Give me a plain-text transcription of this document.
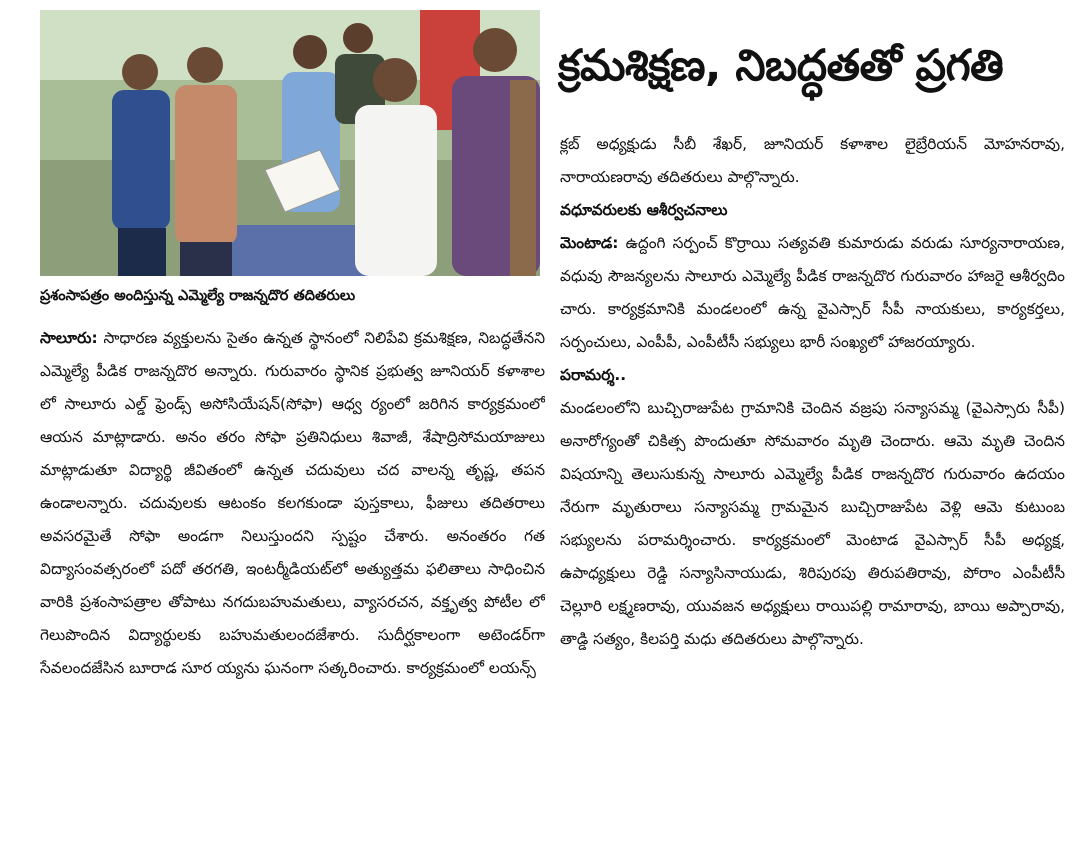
ప్రశంసాపత్రం అందిస్తున్న ఎమ్మెల్యే రాజన్నదొర తదితరులు
క్రమశిక్షణ, నిబద్ధతతో ప్రగతి

సాలూరు: సాధారణ వ్యక్తులను సైతం ఉన్నత స్థానంలో నిలిపేవి క్రమశిక్షణ, నిబద్ధతేనని ఎమ్మెల్యే పీడిక రాజన్నదొర అన్నారు. గురువారం స్థానిక ప్రభుత్వ జూనియర్ కళాశాల లో సాలూరు ఎల్డ్ ఫ్రెండ్స్ అసోసియేషన్(సోఫా) ఆధ్వ ర్యంలో జరిగిన కార్యక్రమంలో ఆయన మాట్లాడారు. అనం తరం సోఫా ప్రతినిధులు శివాజీ, శేషాద్రిసోమయాజులు మాట్లాడుతూ విద్యార్థి జీవితంలో ఉన్నత చదువులు చద వాలన్న తృష్ణ, తపన ఉండాలన్నారు. చదువులకు ఆటంకం కలగకుండా పుస్తకాలు, ఫీజులు తదితరాలు అవసరమైతే సోఫా అండగా నిలుస్తుందని స్పష్టం చేశారు. అనంతరం గత విద్యాసంవత్సరంలో పదో తరగతి, ఇంటర్మీడియట్‌లో అత్యుత్తమ ఫలితాలు సాధించిన వారికి ప్రశంసాపత్రాల తోపాటు నగదుబహుమతులు, వ్యాసరచన, వక్తృత్వ పోటీల లో గెలుపొందిన విద్యార్థులకు బహుమతులందజేశారు. సుదీర్ఘకాలంగా అటెండర్‌గా సేవలందజేసిన బూరాడ సూర య్యను ఘనంగా సత్కరించారు. కార్యక్రమంలో లయన్స్

క్లబ్ అధ్యక్షుడు సీబీ శేఖర్, జూనియర్ కళాశాల లైబ్రేరియన్ మోహనరావు, నారాయణరావు తదితరులు పాల్గొన్నారు.

వధూవరులకు ఆశీర్వచనాలు

మెంటాడ: ఉద్దంగి సర్పంచ్ కొర్రాయి సత్యవతి కుమారుడు వరుడు సూర్యనారాయణ, వధువు సౌజన్యలను సాలూరు ఎమ్మెల్యే పీడిక రాజన్నదొర గురువారం హాజరై ఆశీర్వదిం చారు. కార్యక్రమానికి మండలంలో ఉన్న వైఎస్సార్ సీపీ నాయకులు, కార్యకర్తలు, సర్పంచులు, ఎంపీపీ, ఎంపీటీసీ సభ్యులు భారీ సంఖ్యలో హాజరయ్యారు.

పరామర్శ..

మండలంలోని బుచ్చిరాజుపేట గ్రామానికి చెందిన వజ్రపు సన్యాసమ్మ (వైఎస్సారు సీపీ) అనారోగ్యంతో చికిత్స పొందుతూ సోమవారం మృతి చెందారు. ఆమె మృతి చెందిన విషయాన్ని తెలుసుకున్న సాలూరు ఎమ్మెల్యే పీడిక రాజన్నదొర గురువారం ఉదయం నేరుగా మృతురాలు సన్యాసమ్మ గ్రామమైన బుచ్చిరాజుపేట వెళ్లి ఆమె కుటుంబ సభ్యులను పరామర్శించారు. కార్యక్రమంలో మెంటాడ వైఎస్సార్ సీపీ అధ్యక్ష, ఉపాధ్యక్షులు రెడ్డి సన్యాసినాయుడు, శిరిపురపు తిరుపతిరావు, పోరాం ఎంపీటీసీ చెల్లూరి లక్ష్మణరావు, యువజన అధ్యక్షులు రాయిపల్లి రామారావు, బాయి అప్పారావు, తాడ్డి సత్యం, కిలపర్తి మధు తదితరులు పాల్గొన్నారు.
